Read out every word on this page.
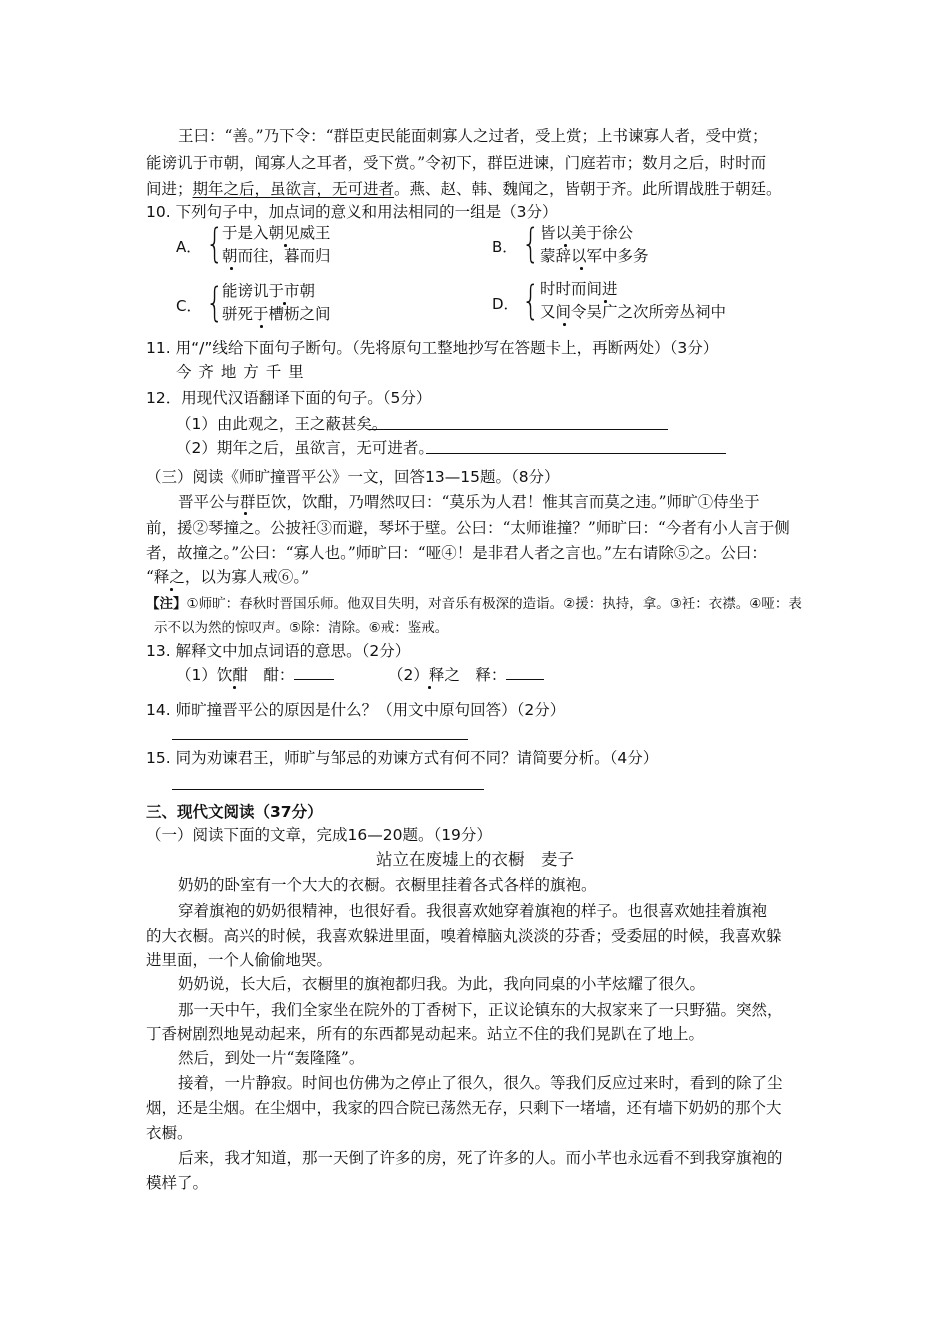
王曰：“善。”乃下令：“群臣吏民能面刺寡人之过者，受上赏；上书谏寡人者，受中赏；
能谤讥于市朝，闻寡人之耳者，受下赏。”令初下，群臣进谏，门庭若市；数月之后，时时而
间进；期年之后，虽欲言，无可进者。燕、赵、韩、魏闻之，皆朝于齐。此所谓战胜于朝廷。
10. 下列句子中，加点词的意义和用法相同的一组是（3分）
A． {
于是入朝见威王
朝而往，暮而归	B． { 皆以美于徐公
蒙辞以军中多务
C． {
能谤讥于市朝
骈死于槽枥之间
D． { 时时而间进
又间令吴广之次所旁丛祠中
11. 用“/”线给下面句子断句。（先将原句工整地抄写在答题卡上，再断两处）（3分）
今 齐 地 方 千 里
12．用现代汉语翻译下面的句子。（5分）
（1）由此观之，王之蔽甚矣。
（2）期年之后，虽欲言，无可进者。
（三）阅读《师旷撞晋平公》一文，回答13—15题。（8分）
晋平公与群臣饮，饮酣，乃喟然叹曰：“莫乐为人君！惟其言而莫之违。”师旷①侍坐于
前，援②琴撞之。公披衽③而避，琴坏于壁。公曰：“太师谁撞？”师旷曰：“今者有小人言于侧
者，故撞之。”公曰：“寡人也。”师旷曰：“哑④！是非君人者之言也。”左右请除⑤之。公曰：
“释之，以为寡人戒⑥。”
【注】①师旷：春秋时晋国乐师。他双目失明，对音乐有极深的造诣。②援：执持，拿。③衽：衣襟。④哑：表
示不以为然的惊叹声。⑤除：清除。⑥戒：鉴戒。
13. 解释文中加点词语的意思。（2分）
（1）饮酣　酣：	（2）释之　释：
14. 师旷撞晋平公的原因是什么？（用文中原句回答）（2分）
15. 同为劝谏君王，师旷与邹忌的劝谏方式有何不同？请简要分析。（4分）
三、现代文阅读（37分）
（一）阅读下面的文章，完成16—20题。（19分）
站立在废墟上的衣橱　麦子
奶奶的卧室有一个大大的衣橱。衣橱里挂着各式各样的旗袍。
穿着旗袍的奶奶很精神，也很好看。我很喜欢她穿着旗袍的样子。也很喜欢她挂着旗袍
的大衣橱。高兴的时候，我喜欢躲进里面，嗅着樟脑丸淡淡的芬香；受委屈的时候，我喜欢躲
进里面，一个人偷偷地哭。
奶奶说，长大后，衣橱里的旗袍都归我。为此，我向同桌的小芊炫耀了很久。
那一天中午，我们全家坐在院外的丁香树下，正议论镇东的大叔家来了一只野猫。突然，
丁香树剧烈地晃动起来，所有的东西都晃动起来。站立不住的我们晃趴在了地上。
然后，到处一片“轰隆隆”。
接着，一片静寂。时间也仿佛为之停止了很久，很久。等我们反应过来时，看到的除了尘
烟，还是尘烟。在尘烟中，我家的四合院已荡然无存，只剩下一堵墙，还有墙下奶奶的那个大
衣橱。
后来，我才知道，那一天倒了许多的房，死了许多的人。而小芊也永远看不到我穿旗袍的
模样了。
